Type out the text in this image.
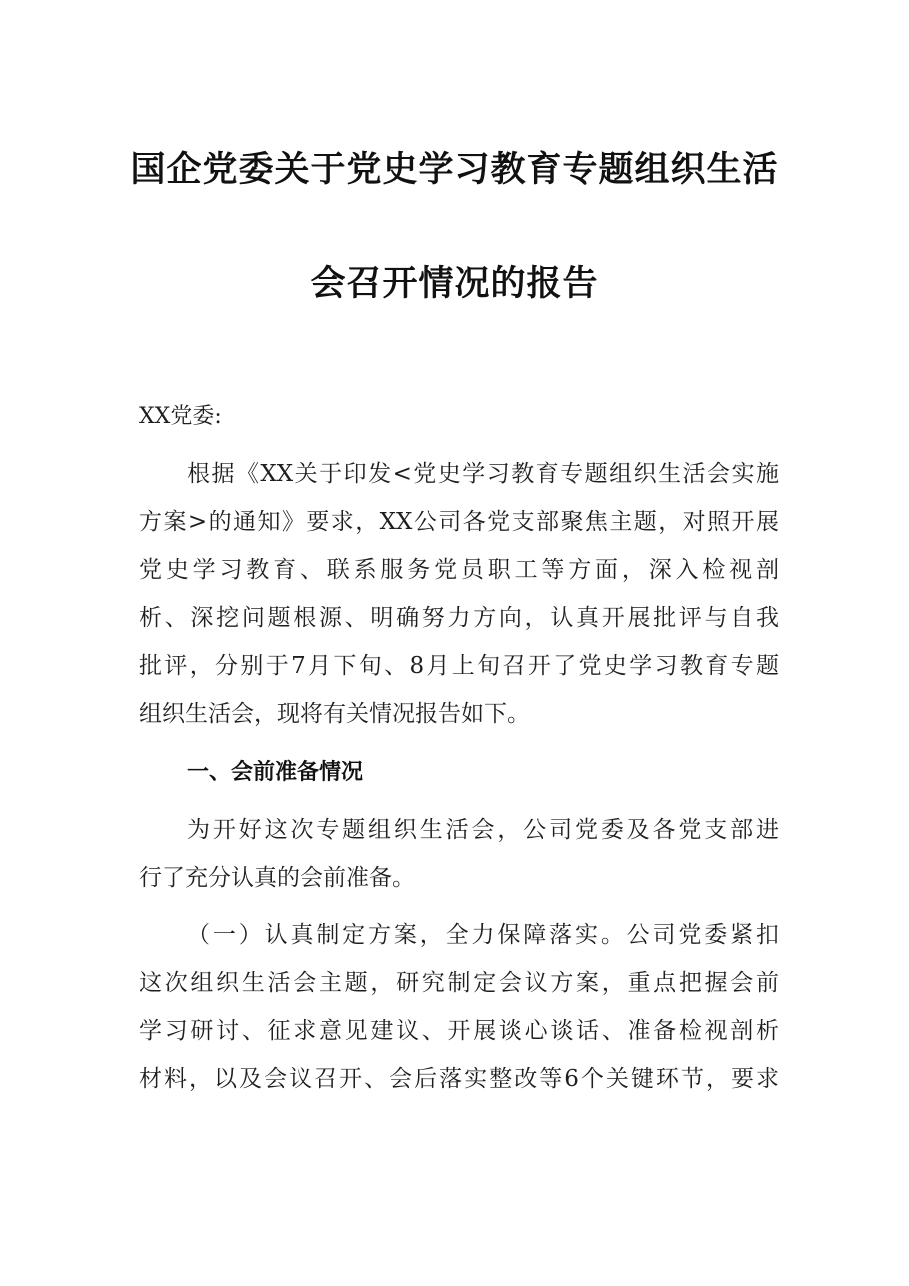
国企党委关于党史学习教育专题组织生活
会召开情况的报告
XX党委:
根据《XX关于印发<党史学习教育专题组织生活会实施
方案>的通知》要求，XX公司各党支部聚焦主题，对照开展
党史学习教育、联系服务党员职工等方面，深入检视剖
析、深挖问题根源、明确努力方向，认真开展批评与自我
批评，分别于7月下旬、8月上旬召开了党史学习教育专题
组织生活会，现将有关情况报告如下。
一、会前准备情况
为开好这次专题组织生活会，公司党委及各党支部进
行了充分认真的会前准备。
（一）认真制定方案，全力保障落实。公司党委紧扣
这次组织生活会主题，研究制定会议方案，重点把握会前
学习研讨、征求意见建议、开展谈心谈话、准备检视剖析
材料，以及会议召开、会后落实整改等6个关键环节，要求
